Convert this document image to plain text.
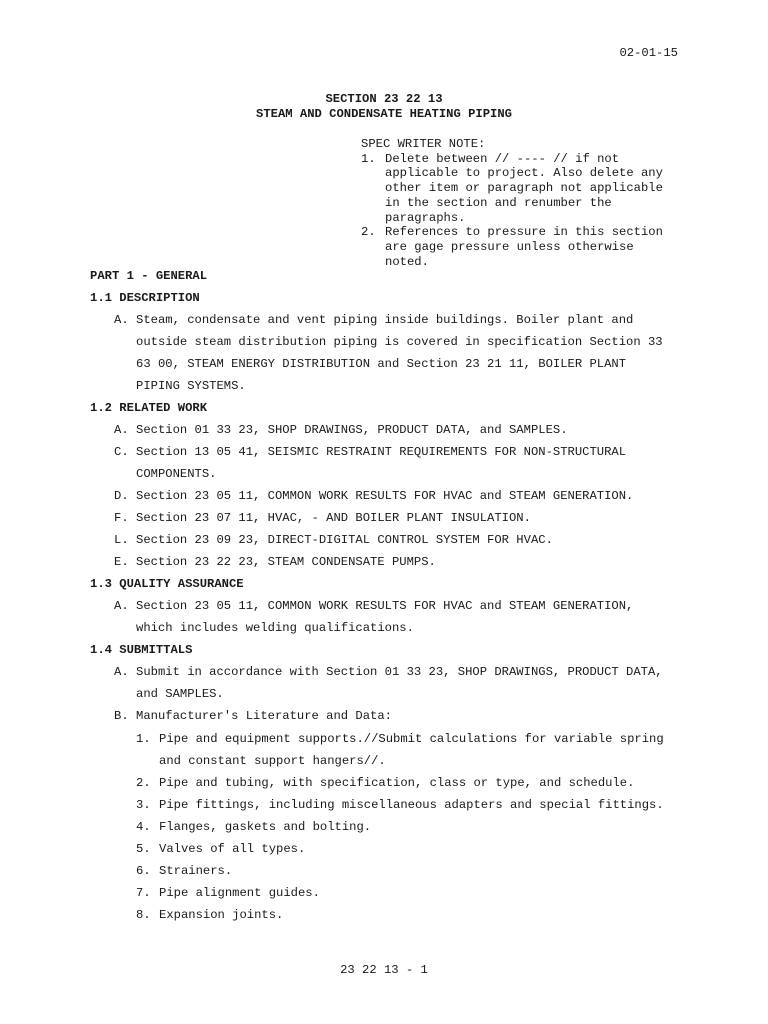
02-01-15
SECTION 23 22 13
STEAM AND CONDENSATE HEATING PIPING
SPEC WRITER NOTE:
1. Delete between // ---- // if not
applicable to project. Also delete any
other item or paragraph not applicable
in the section and renumber the
paragraphs.
2. References to pressure in this section
are gage pressure unless otherwise
noted.
PART 1 - GENERAL
1.1 DESCRIPTION
A. Steam, condensate and vent piping inside buildings. Boiler plant and
outside steam distribution piping is covered in specification Section 33
63 00, STEAM ENERGY DISTRIBUTION and Section 23 21 11, BOILER PLANT
PIPING SYSTEMS.
1.2 RELATED WORK
A. Section 01 33 23, SHOP DRAWINGS, PRODUCT DATA, and SAMPLES.
C. Section 13 05 41, SEISMIC RESTRAINT REQUIREMENTS FOR NON-STRUCTURAL
COMPONENTS.
D. Section 23 05 11, COMMON WORK RESULTS FOR HVAC and STEAM GENERATION.
F. Section 23 07 11, HVAC, - AND BOILER PLANT INSULATION.
L. Section 23 09 23, DIRECT-DIGITAL CONTROL SYSTEM FOR HVAC.
E. Section 23 22 23, STEAM CONDENSATE PUMPS.
1.3 QUALITY ASSURANCE
A. Section 23 05 11, COMMON WORK RESULTS FOR HVAC and STEAM GENERATION,
which includes welding qualifications.
1.4 SUBMITTALS
A. Submit in accordance with Section 01 33 23, SHOP DRAWINGS, PRODUCT DATA,
and SAMPLES.
B. Manufacturer's Literature and Data:
1. Pipe and equipment supports.//Submit calculations for variable spring
and constant support hangers//.
2. Pipe and tubing, with specification, class or type, and schedule.
3. Pipe fittings, including miscellaneous adapters and special fittings.
4. Flanges, gaskets and bolting.
5. Valves of all types.
6. Strainers.
7. Pipe alignment guides.
8. Expansion joints.
23 22 13 - 1
